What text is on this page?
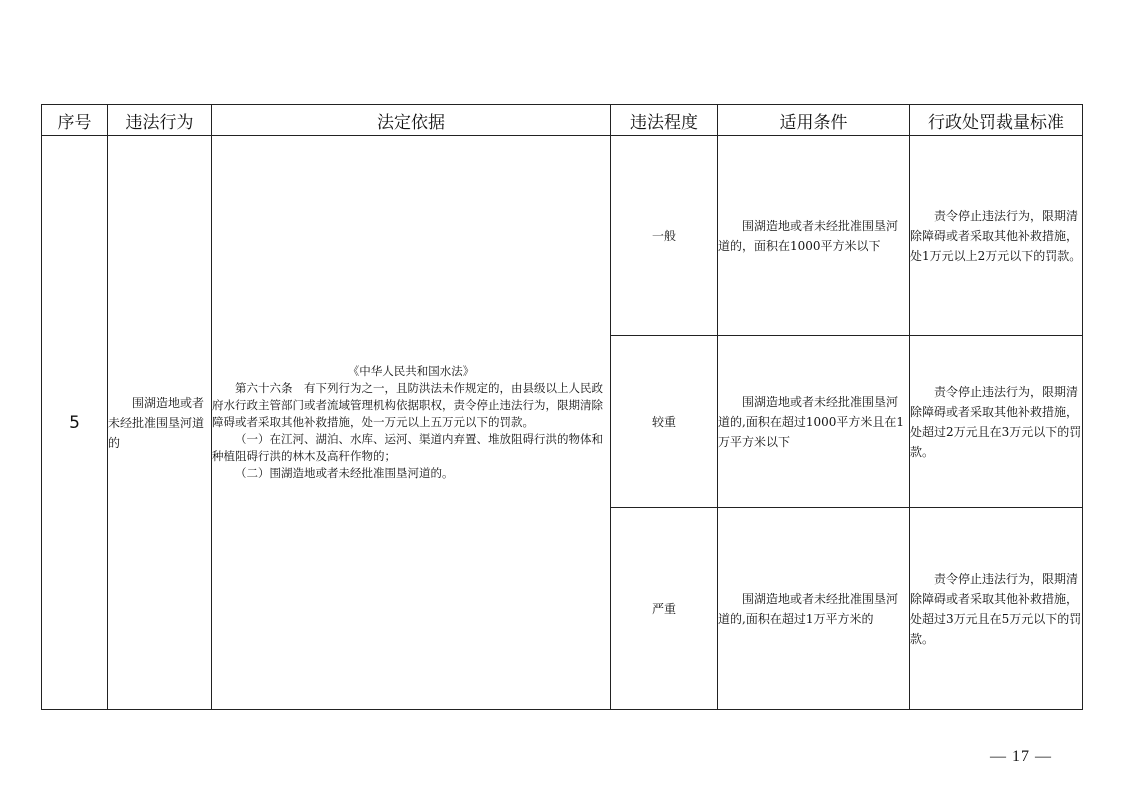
序号	违法行为	法定依据	违法程度	适用条件	行政处罚裁量标准
5	围湖造地或者未经批准围垦河道的	《中华人民共和国水法》

第六十六条　有下列行为之一，且防洪法未作规定的，由县级以上人民政府水行政主管部门或者流域管理机构依据职权，责令停止违法行为，限期清除障碍或者采取其他补救措施，处一万元以上五万元以下的罚款。

（一）在江河、湖泊、水库、运河、渠道内弃置、堆放阻碍行洪的物体和种植阻碍行洪的林木及高秆作物的；

（二）围湖造地或者未经批准围垦河道的。	一般	围湖造地或者未经批准围垦河道的，面积在1000平方米以下	责令停止违法行为，限期清除障碍或者采取其他补救措施，处1万元以上2万元以下的罚款。

			较重	围湖造地或者未经批准围垦河道的,面积在超过1000平方米且在1万平方米以下	责令停止违法行为，限期清除障碍或者采取其他补救措施，处超过2万元且在3万元以下的罚款。

			严重	围湖造地或者未经批准围垦河道的,面积在超过1万平方米的	责令停止违法行为，限期清除障碍或者采取其他补救措施，处超过3万元且在5万元以下的罚款。

— 17 —
